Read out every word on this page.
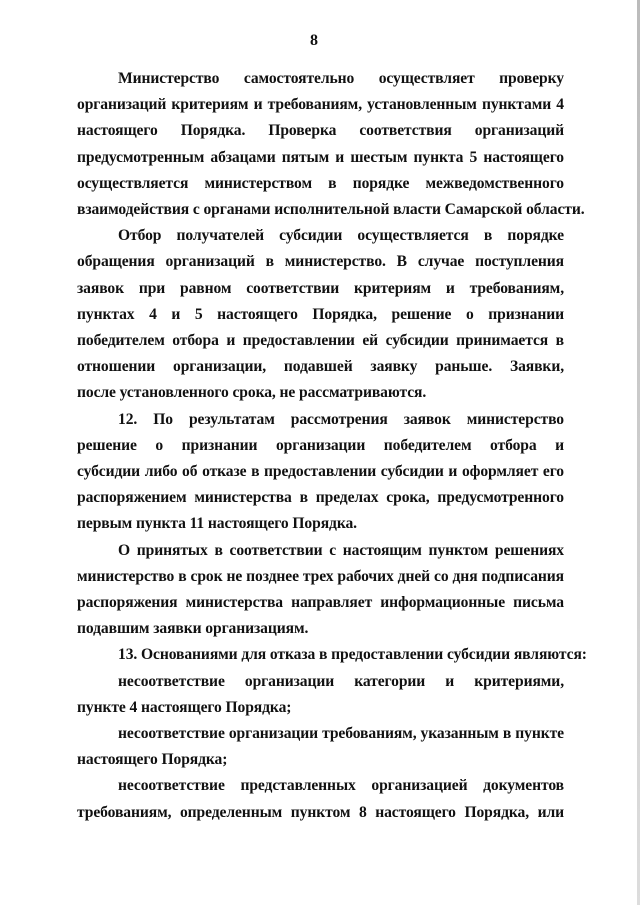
8
Министерство самостоятельно осуществляет проверку
организаций критериям и требованиям, установленным пунктами 4
настоящего Порядка. Проверка соответствия организаций
предусмотренным абзацами пятым и шестым пункта 5 настоящего
осуществляется министерством в порядке межведомственного
взаимодействия с органами исполнительной власти Самарской области.
Отбор получателей субсидии осуществляется в порядке
обращения организаций в министерство. В случае поступления
заявок при равном соответствии критериям и требованиям,
пунктах 4 и 5 настоящего Порядка, решение о признании
победителем отбора и предоставлении ей субсидии принимается в
отношении организации, подавшей заявку раньше. Заявки,
после установленного срока, не рассматриваются.
12. По результатам рассмотрения заявок министерство
решение о признании организации победителем отбора и
субсидии либо об отказе в предоставлении субсидии и оформляет его
распоряжением министерства в пределах срока, предусмотренного
первым пункта 11 настоящего Порядка.
О принятых в соответствии с настоящим пунктом решениях
министерство в срок не позднее трех рабочих дней со дня подписания
распоряжения министерства направляет информационные письма
подавшим заявки организациям.
13. Основаниями для отказа в предоставлении субсидии являются:
несоответствие организации категории и критериями,
пункте 4 настоящего Порядка;
несоответствие организации требованиям, указанным в пункте
настоящего Порядка;
несоответствие представленных организацией документов
требованиям, определенным пунктом 8 настоящего Порядка, или
